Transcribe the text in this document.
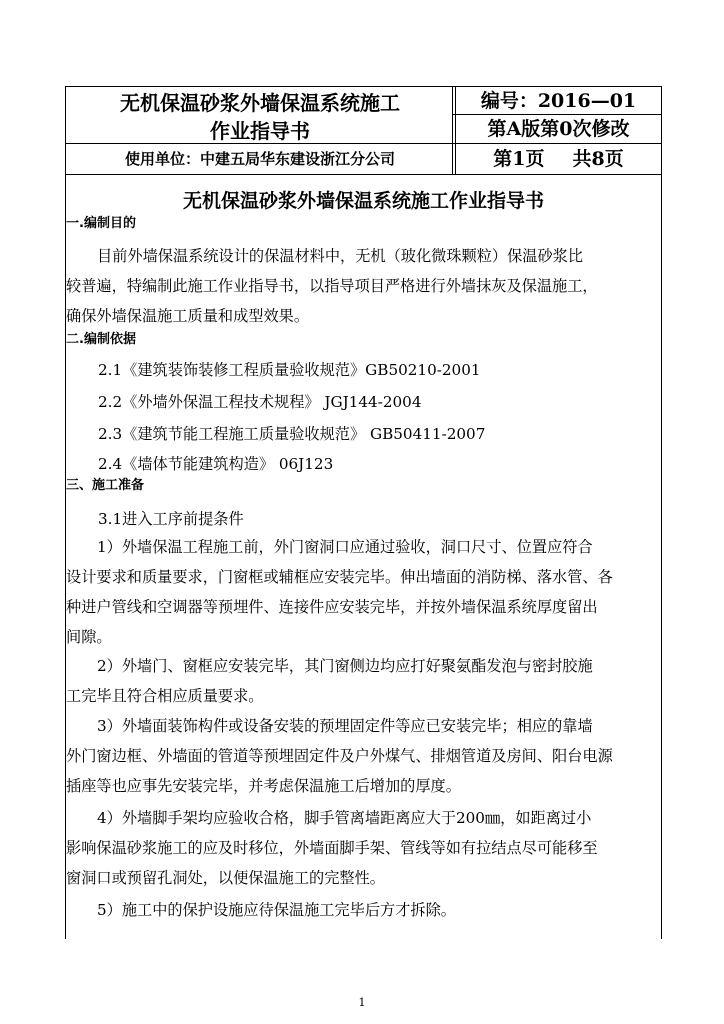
无机保温砂浆外墙保温系统施工
作业指导书
编号：2016—01
第A版第0次修改
使用单位：中建五局华东建设浙江分公司	第1页 共8页
无机保温砂浆外墙保温系统施工作业指导书
一.编制目的
目前外墙保温系统设计的保温材料中，无机（玻化微珠颗粒）保温砂浆比
较普遍，特编制此施工作业指导书，以指导项目严格进行外墙抹灰及保温施工，
确保外墙保温施工质量和成型效果。
二.编制依据
2.1《建筑装饰装修工程质量验收规范》GB50210-2001
2.2《外墙外保温工程技术规程》 JGJ144-2004
2.3《建筑节能工程施工质量验收规范》 GB50411-2007
2.4《墙体节能建筑构造》 06J123
三、施工准备
3.1进入工序前提条件
1）外墙保温工程施工前，外门窗洞口应通过验收，洞口尺寸、位置应符合
设计要求和质量要求，门窗框或辅框应安装完毕。伸出墙面的消防梯、落水管、各
种进户管线和空调器等预埋件、连接件应安装完毕，并按外墙保温系统厚度留出
间隙。
2）外墙门、窗框应安装完毕，其门窗侧边均应打好聚氨酯发泡与密封胶施
工完毕且符合相应质量要求。
3）外墙面装饰构件或设备安装的预埋固定件等应已安装完毕；相应的靠墙
外门窗边框、外墙面的管道等预埋固定件及户外煤气、排烟管道及房间、阳台电源
插座等也应事先安装完毕，并考虑保温施工后增加的厚度。
4）外墙脚手架均应验收合格，脚手管离墙距离应大于200㎜，如距离过小
影响保温砂浆施工的应及时移位，外墙面脚手架、管线等如有拉结点尽可能移至
窗洞口或预留孔洞处，以便保温施工的完整性。
5）施工中的保护设施应待保温施工完毕后方才拆除。
1
